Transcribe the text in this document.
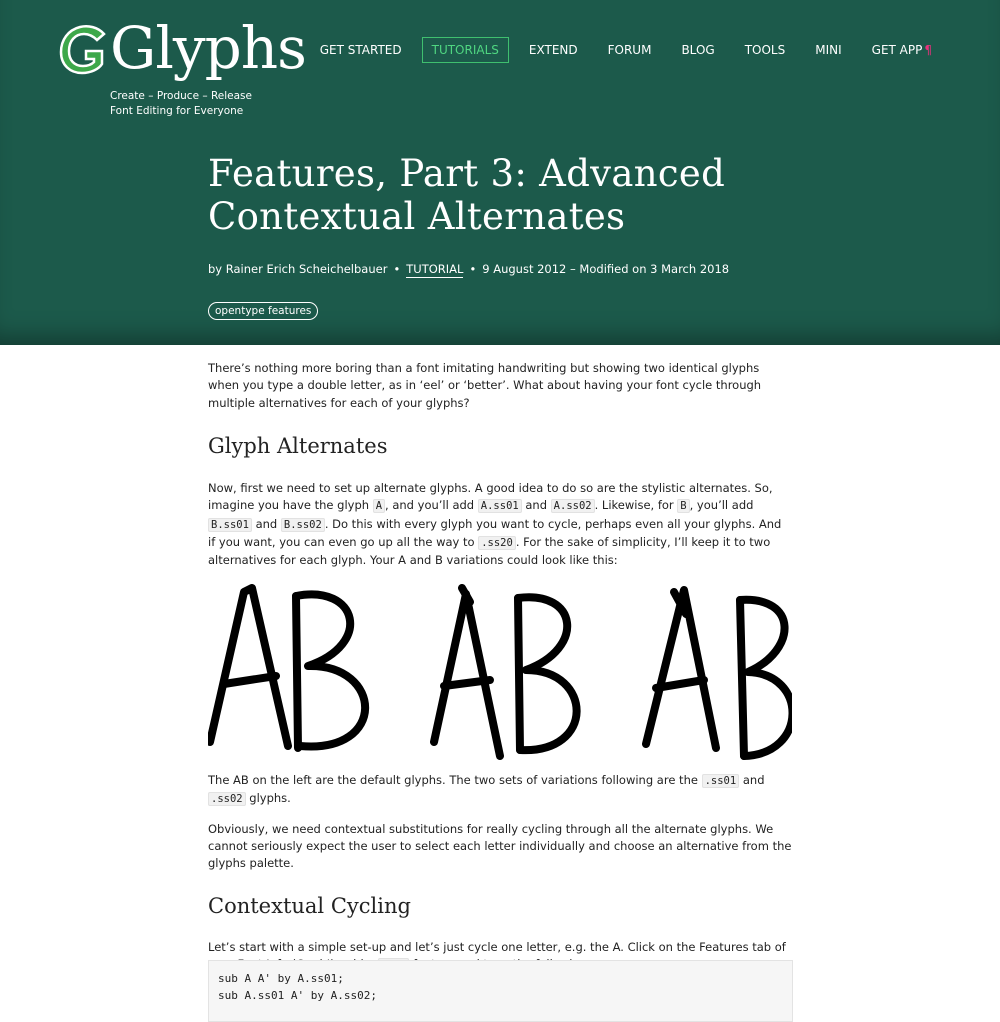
Glyphs
Create – Produce – Release
Font Editing for Everyone
GET STARTED	TUTORIALS	EXTEND	FORUM	BLOG	TOOLS	MINI	GET APP ¶
Features, Part 3: Advanced
Contextual Alternates
by Rainer Erich Scheichelbauer • TUTORIAL • 9 August 2012 – Modified on 3 March 2018
opentype features

There’s nothing more boring than a font imitating handwriting but showing two identical glyphs when you type a double letter, as in ‘eel’ or ‘better’. What about having your font cycle through multiple alternatives for each of your glyphs?

Glyph Alternates

Now, first we need to set up alternate glyphs. A good idea to do so are the stylistic alternates. So, imagine you have the glyph A , and you’ll add A.ss01 and A.ss02 . Likewise, for B , you’ll add B.ss01 and B.ss02 . Do this with every glyph you want to cycle, perhaps even all your glyphs. And if you want, you can even go up all the way to .ss20 . For the sake of simplicity, I’ll keep it to two alternatives for each glyph. Your A and B variations could look like this:

The AB on the left are the default glyphs. The two sets of variations following are the .ss01 and .ss02 glyphs.

Obviously, we need contextual substitutions for really cycling through all the alternate glyphs. We cannot seriously expect the user to select each letter individually and choose an alternative from the glyphs palette.

Contextual Cycling

Let’s start with a simple set-up and let’s just cycle one letter, e.g. the A. Click on the Features tab of

sub A A' by A.ss01;
sub A.ss01 A' by A.ss02;
